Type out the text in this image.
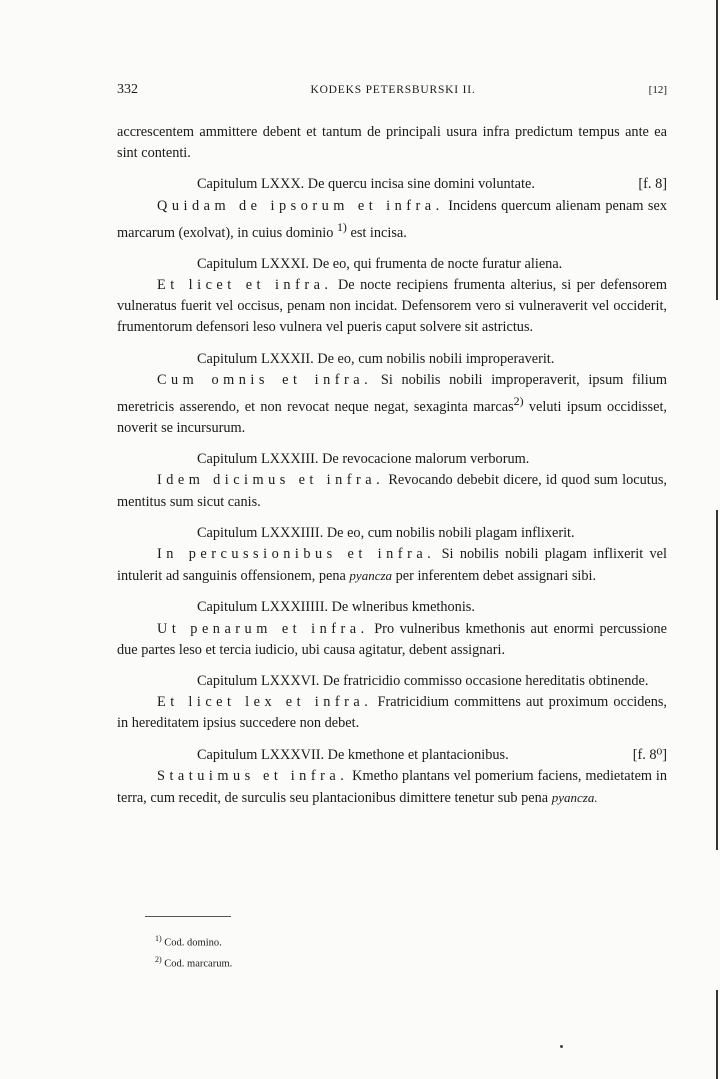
332	KODEKS PETERSBURSKI II.	[12]

accrescentem ammittere debent et tantum de principali usura infra predictum tempus ante ea sint contenti.

Capitulum LXXX. De quercu incisa sine domini voluntate.	[f. 8]

Quidam de ipsorum et infra. Incidens quercum alienam penam sex marcarum (exolvat), in cuius dominio $^{1)}$ est incisa.

Capitulum LXXXI. De eo, qui frumenta de nocte furatur aliena.

Et licet et infra. De nocte recipiens frumenta alterius, si per defensorem vulneratus fuerit vel occisus, penam non incidat. Defensorem vero si vulneraverit vel occiderit, frumentorum defensori leso vulnera vel pueris caput solvere sit astrictus.

Capitulum LXXXII. De eo, cum nobilis nobili improperaverit.

Cum omnis et infra. Si nobilis nobili improperaverit, ipsum filium meretricis asserendo, et non revocat neque negat, sexaginta marcas$^{2)}$ veluti ipsum occidisset, noverit se incursurum.

Capitulum LXXXIII. De revocacione malorum verborum.

Idem dicimus et infra. Revocando debebit dicere, id quod sum locutus, mentitus sum sicut canis.

Capitulum LXXXIIII. De eo, cum nobilis nobili plagam inflixerit.

In percussionibus et infra. Si nobilis nobili plagam inflixerit vel intulerit ad sanguinis offensionem, pena pyancza per inferentem debet assignari sibi.

Capitulum LXXXIIIII. De wlneribus kmethonis.

Ut penarum et infra. Pro vulneribus kmethonis aut enormi percussione due partes leso et tercia iudicio, ubi causa agitatur, debent assignari.

Capitulum LXXXVI. De fratricidio commisso occasione hereditatis obtinende.

Et licet lex et infra. Fratricidium committens aut proximum occidens, in hereditatem ipsius succedere non debet.

Capitulum LXXXVII. De kmethone et plantacionibus.	[f. 8⁰]

Statuimus et infra. Kmetho plantans vel pomerium faciens, medietatem in terra, cum recedit, de surculis seu plantacionibus dimittere tenetur sub pena pyancza.

$^{1)}$ Cod. domino.
$^{2)}$ Cod. marcarum.
